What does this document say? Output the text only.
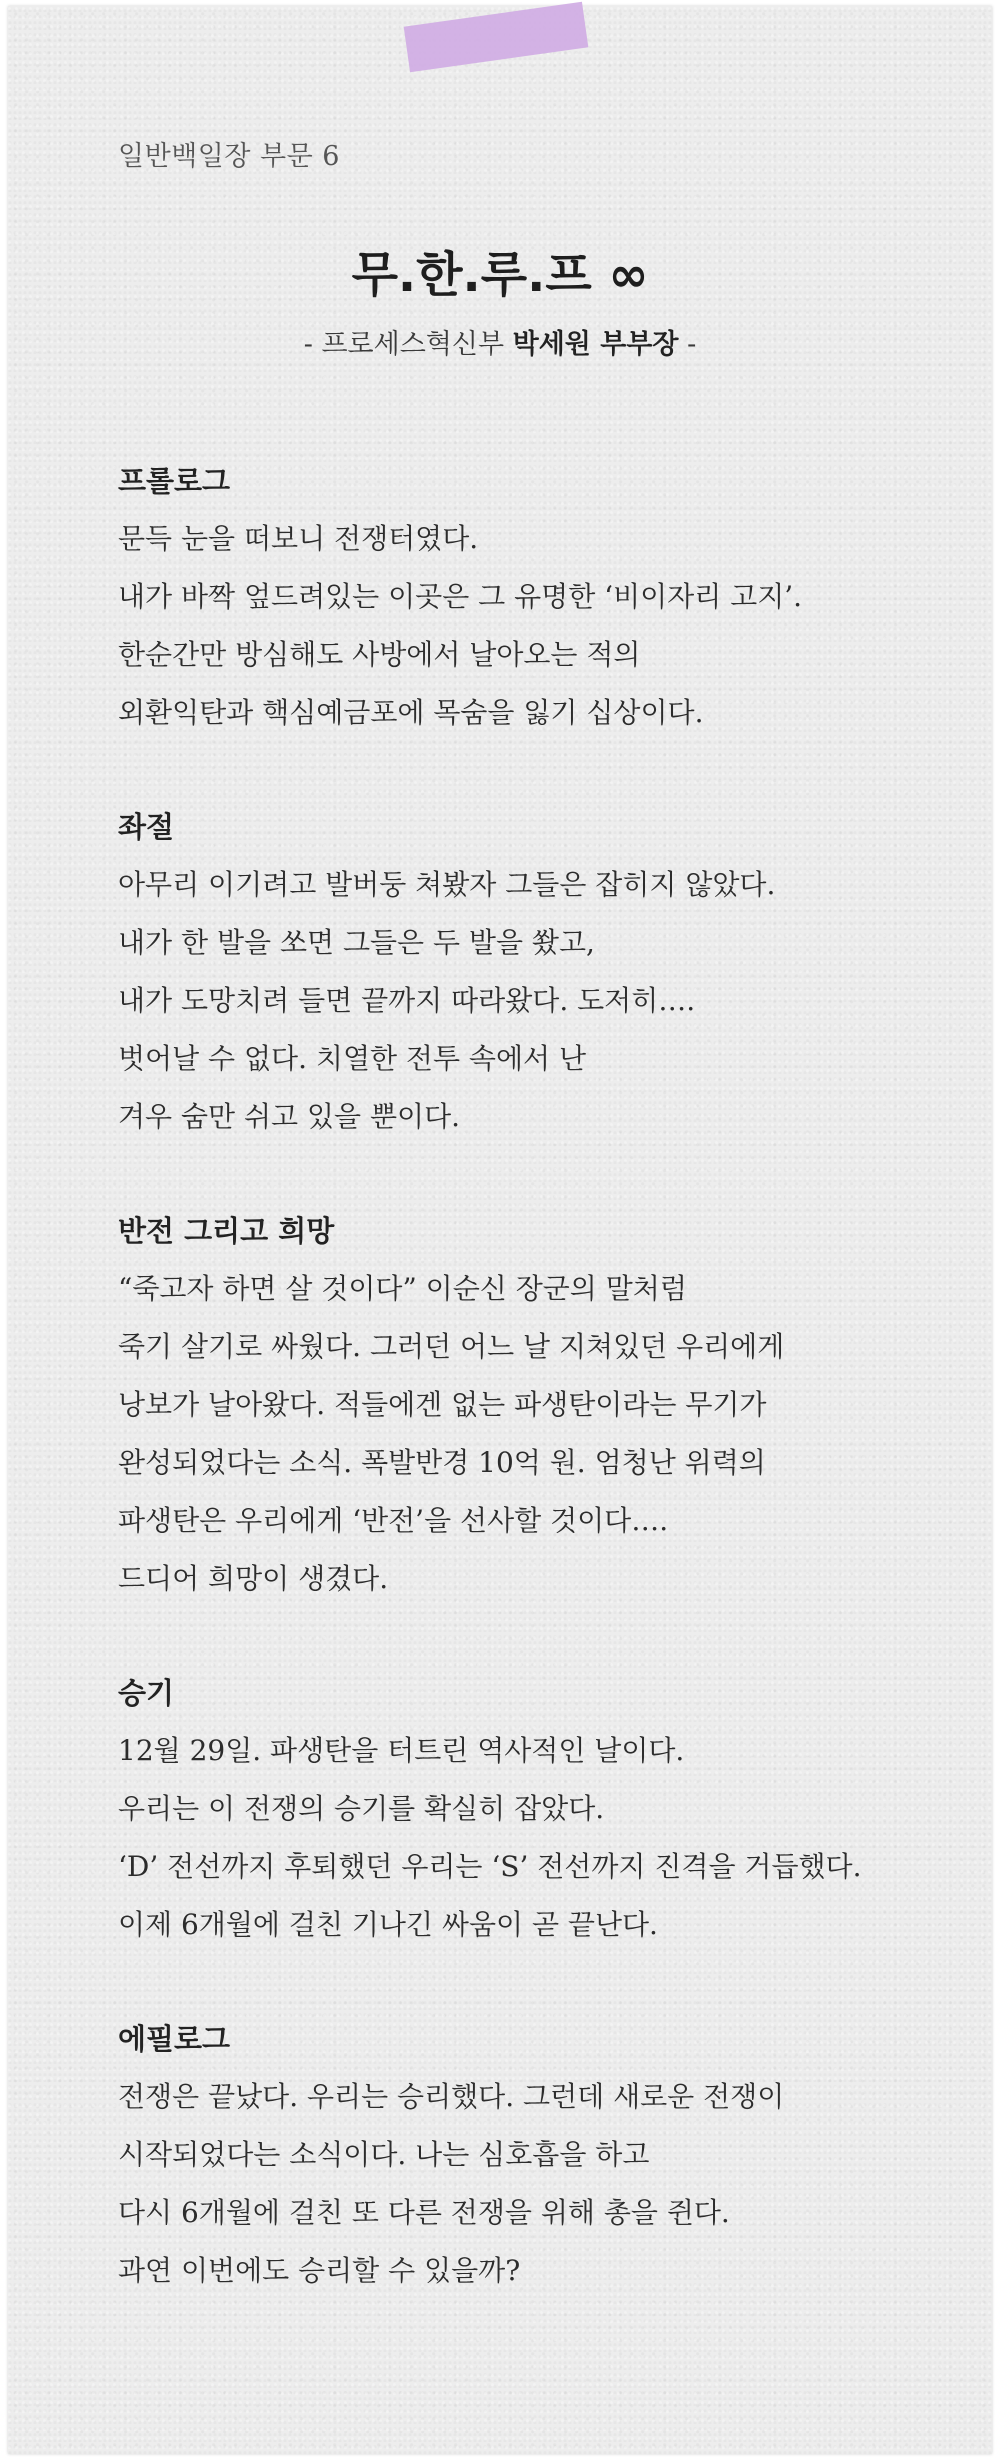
일반백일장 부문 6
무.한.루.프 ∞
- 프로세스혁신부 박세원 부부장 -
프롤로그

문득 눈을 떠보니 전쟁터였다.

내가 바짝 엎드려있는 이곳은 그 유명한 ‘비이자리 고지’.

한순간만 방심해도 사방에서 날아오는 적의

외환익탄과 핵심예금포에 목숨을 잃기 십상이다.

좌절

아무리 이기려고 발버둥 쳐봤자 그들은 잡히지 않았다.

내가 한 발을 쏘면 그들은 두 발을 쐈고,

내가 도망치려 들면 끝까지 따라왔다. 도저히….

벗어날 수 없다. 치열한 전투 속에서 난

겨우 숨만 쉬고 있을 뿐이다.

반전 그리고 희망

“죽고자 하면 살 것이다” 이순신 장군의 말처럼

죽기 살기로 싸웠다. 그러던 어느 날 지쳐있던 우리에게

낭보가 날아왔다. 적들에겐 없는 파생탄이라는 무기가

완성되었다는 소식. 폭발반경 10억 원. 엄청난 위력의

파생탄은 우리에게 ‘반전’을 선사할 것이다….

드디어 희망이 생겼다.

승기

12월 29일. 파생탄을 터트린 역사적인 날이다.

우리는 이 전쟁의 승기를 확실히 잡았다.

‘D’ 전선까지 후퇴했던 우리는 ‘S’ 전선까지 진격을 거듭했다.

이제 6개월에 걸친 기나긴 싸움이 곧 끝난다.

에필로그

전쟁은 끝났다. 우리는 승리했다. 그런데 새로운 전쟁이

시작되었다는 소식이다. 나는 심호흡을 하고

다시 6개월에 걸친 또 다른 전쟁을 위해 총을 쥔다.

과연 이번에도 승리할 수 있을까?
